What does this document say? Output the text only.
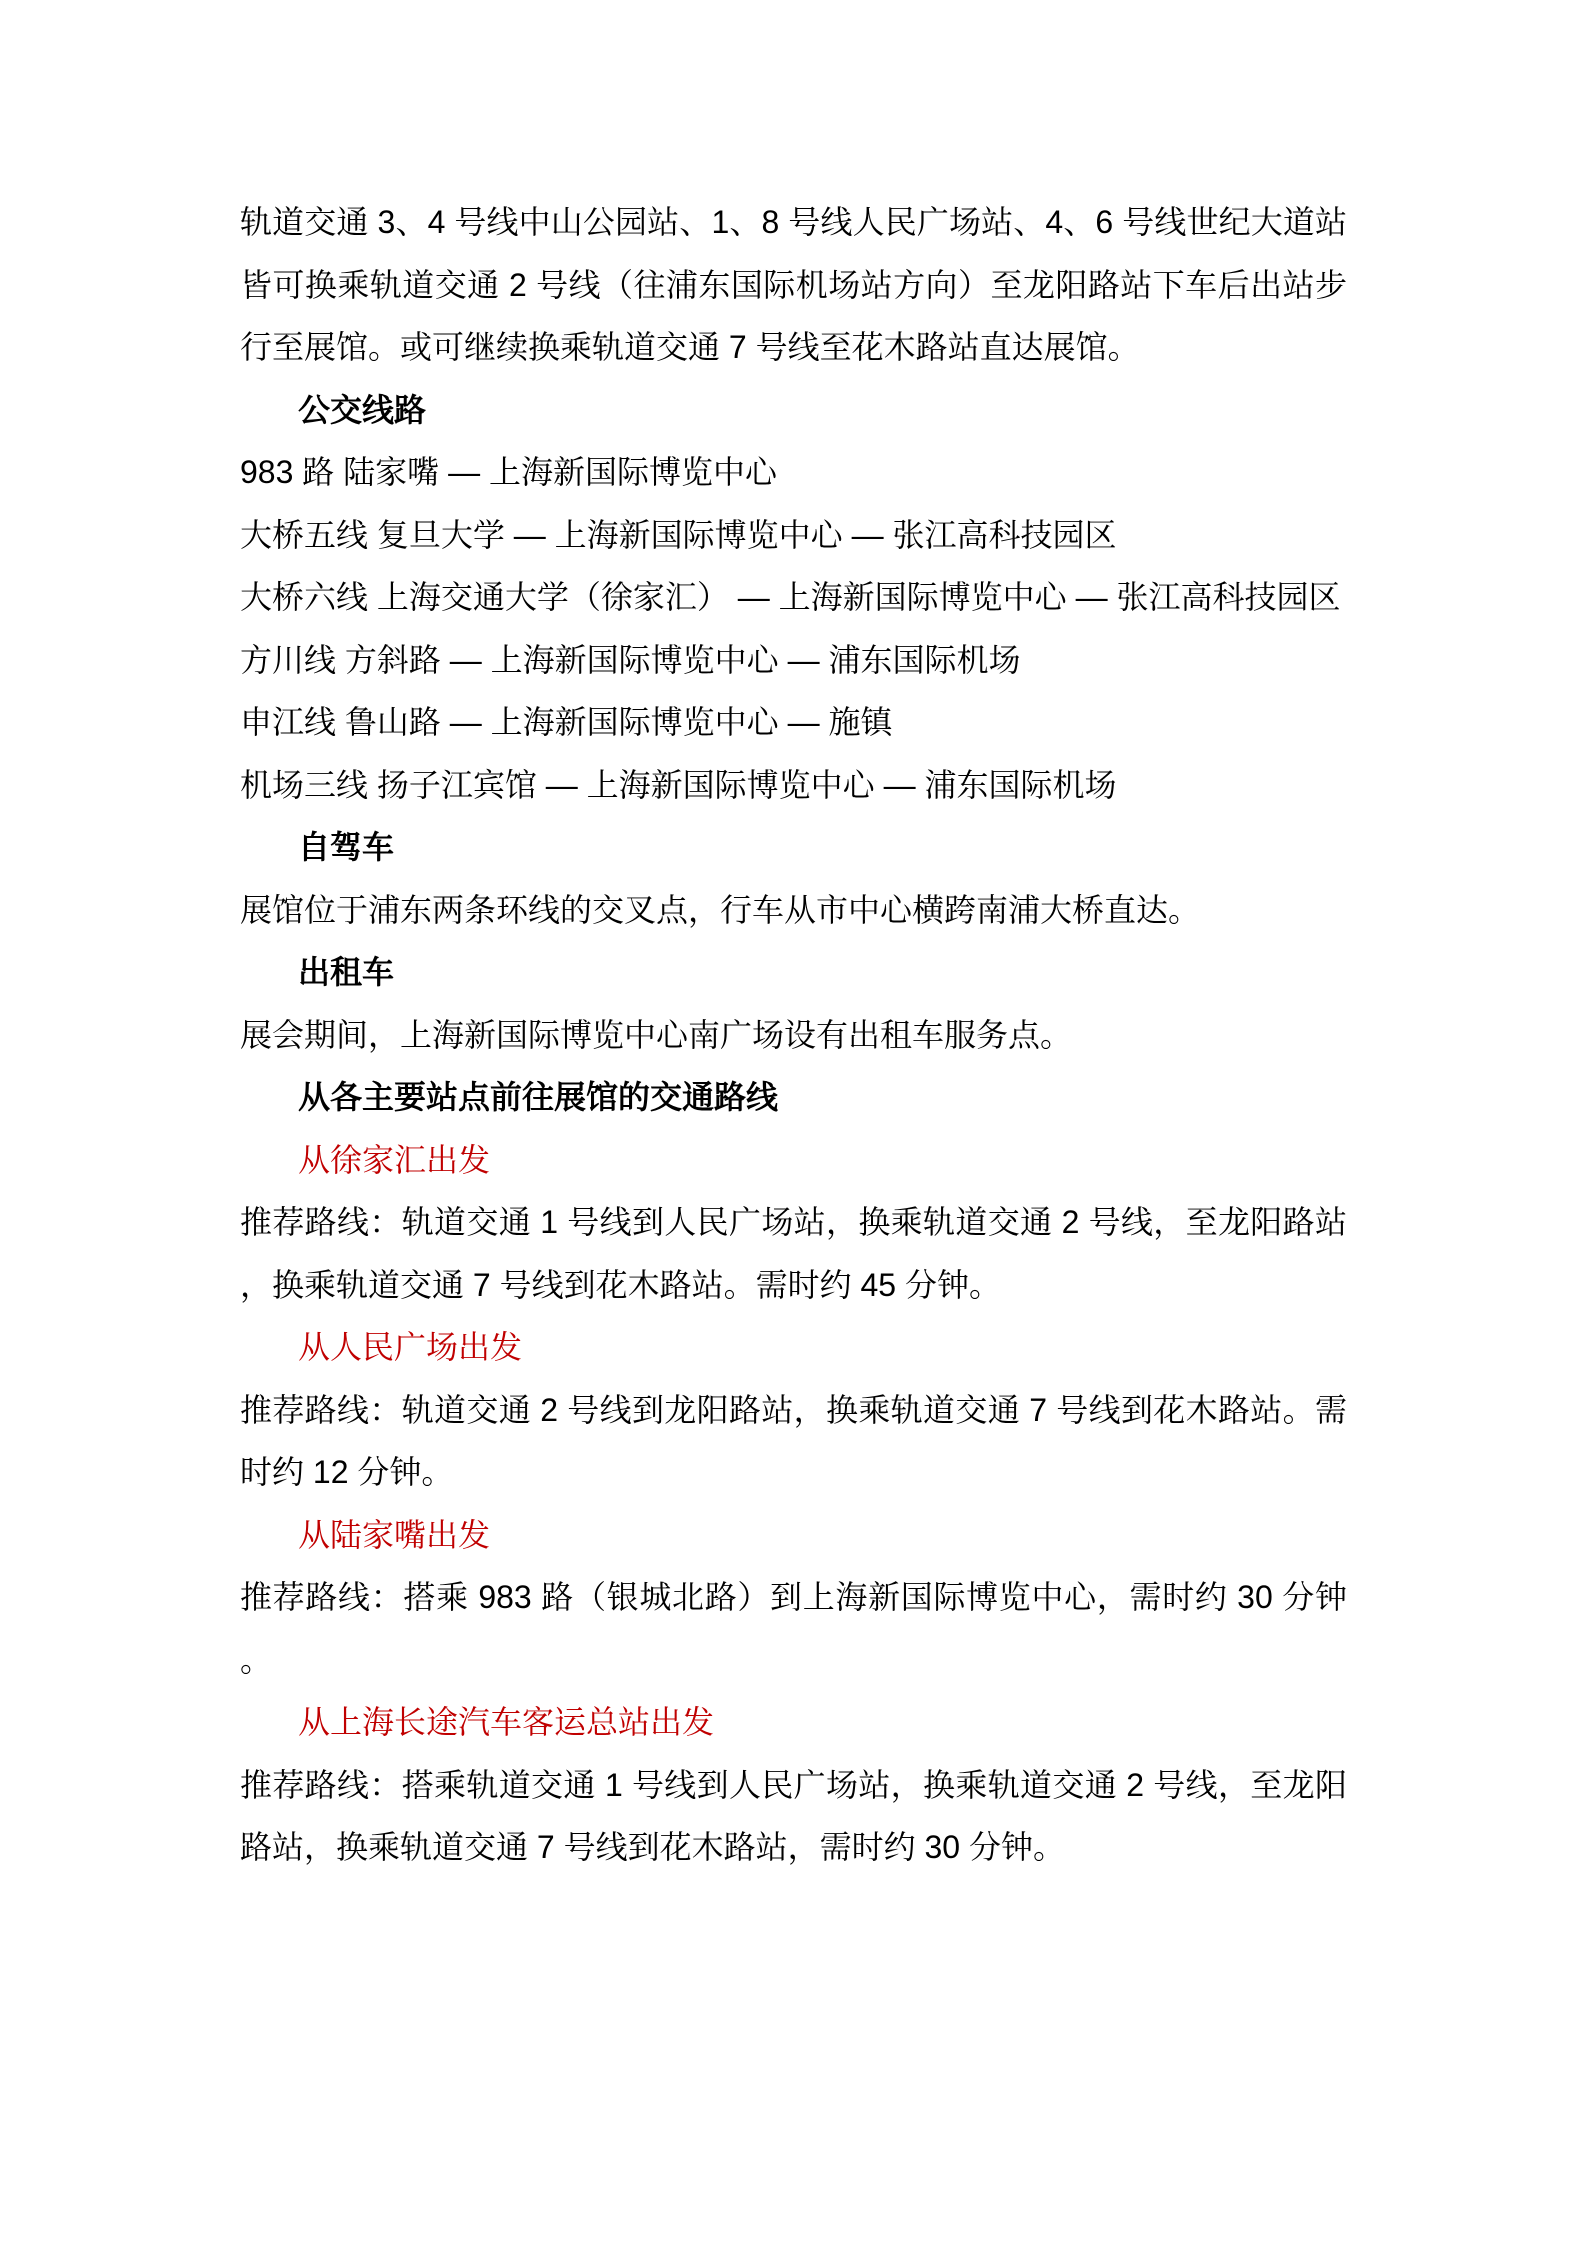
轨道交通 3、4 号线中山公园站、1、8 号线人民广场站、4、6 号线世纪大道站皆可换乘轨道交通 2 号线（往浦东国际机场站方向）至龙阳路站下车后出站步行至展馆。或可继续换乘轨道交通 7 号线至花木路站直达展馆。

公交线路

983 路 陆家嘴 — 上海新国际博览中心

大桥五线 复旦大学 — 上海新国际博览中心 — 张江高科技园区

大桥六线 上海交通大学（徐家汇） — 上海新国际博览中心 — 张江高科技园区

方川线 方斜路 — 上海新国际博览中心 — 浦东国际机场

申江线 鲁山路 — 上海新国际博览中心 — 施镇

机场三线 扬子江宾馆 — 上海新国际博览中心 — 浦东国际机场

自驾车

展馆位于浦东两条环线的交叉点，行车从市中心横跨南浦大桥直达。

出租车

展会期间，上海新国际博览中心南广场设有出租车服务点。

从各主要站点前往展馆的交通路线

从徐家汇出发

推荐路线：轨道交通 1 号线到人民广场站，换乘轨道交通 2 号线，至龙阳路站，换乘轨道交通 7 号线到花木路站。需时约 45 分钟。

从人民广场出发

推荐路线：轨道交通 2 号线到龙阳路站，换乘轨道交通 7 号线到花木路站。需时约 12 分钟。

从陆家嘴出发

推荐路线：搭乘 983 路（银城北路）到上海新国际博览中心，需时约 30 分钟。

从上海长途汽车客运总站出发

推荐路线：搭乘轨道交通 1 号线到人民广场站，换乘轨道交通 2 号线，至龙阳路站，换乘轨道交通 7 号线到花木路站，需时约 30 分钟。
